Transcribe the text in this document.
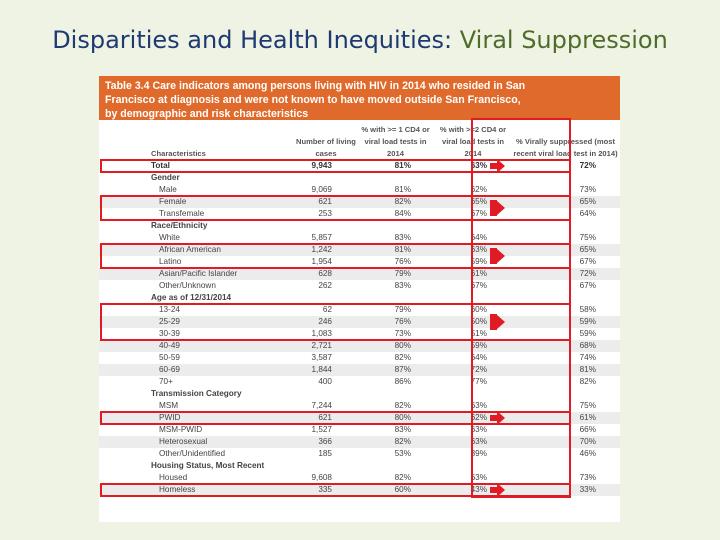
Disparities and Health Inequities: Viral Suppression
Table 3.4 Care indicators among persons living with HIV in 2014 who resided in San
Francisco at diagnosis and were not known to have moved outside San Francisco,
by demographic and risk characteristics
Characteristics	Number of living cases	% with >= 1 CD4 or viral load tests in 2014	% with >=2 CD4 or viral load tests in 2014	% Virally suppressed (most recent viral load test in 2014)
Total	9,943	81%	63%	72%
Gender				
Male	9,069	81%	62%	73%
Female	621	82%	65%	65%
Transfemale	253	84%	67%	64%
Race/Ethnicity				
White	5,857	83%	64%	75%
African American	1,242	81%	63%	65%
Latino	1,954	76%	59%	67%
Asian/Pacific Islander	628	79%	61%	72%
Other/Unknown	262	83%	67%	67%
Age as of 12/31/2014				
13-24	62	79%	60%	58%
25-29	246	76%	50%	59%
30-39	1,083	73%	51%	59%
40-49	2,721	80%	59%	68%
50-59	3,587	82%	64%	74%
60-69	1,844	87%	72%	81%
70+	400	86%	77%	82%
Transmission Category				
MSM	7,244	82%	63%	75%
PWID	621	80%	62%	61%
MSM-PWID	1,527	83%	63%	66%
Heterosexual	366	82%	63%	70%
Other/Unidentified	185	53%	39%	46%
Housing Status, Most Recent				
Housed	9,608	82%	63%	73%
Homeless	335	60%	43%	33%
